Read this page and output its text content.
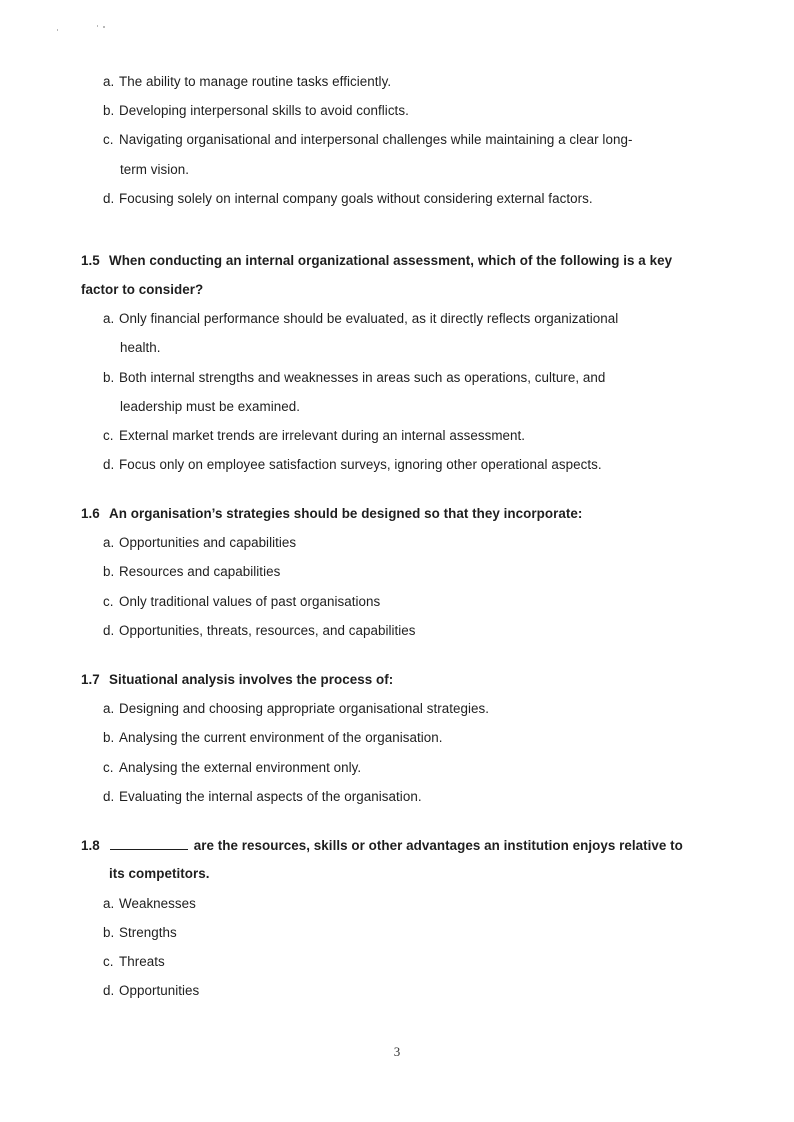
a. The ability to manage routine tasks efficiently.
b. Developing interpersonal skills to avoid conflicts.
c. Navigating organisational and interpersonal challenges while maintaining a clear long-
term vision.
d. Focusing solely on internal company goals without considering external factors.
1.5 When conducting an internal organizational assessment, which of the following is a key
factor to consider?
a. Only financial performance should be evaluated, as it directly reflects organizational
health.
b. Both internal strengths and weaknesses in areas such as operations, culture, and
leadership must be examined.
c. External market trends are irrelevant during an internal assessment.
d. Focus only on employee satisfaction surveys, ignoring other operational aspects.
1.6 An organisation’s strategies should be designed so that they incorporate:
a. Opportunities and capabilities
b. Resources and capabilities
c. Only traditional values of past organisations
d. Opportunities, threats, resources, and capabilities
1.7 Situational analysis involves the process of:
a. Designing and choosing appropriate organisational strategies.
b. Analysing the current environment of the organisation.
c. Analysing the external environment only.
d. Evaluating the internal aspects of the organisation.
1.8	are the resources, skills or other advantages an institution enjoys relative to
its competitors.
a. Weaknesses
b. Strengths
c. Threats
d. Opportunities
3
